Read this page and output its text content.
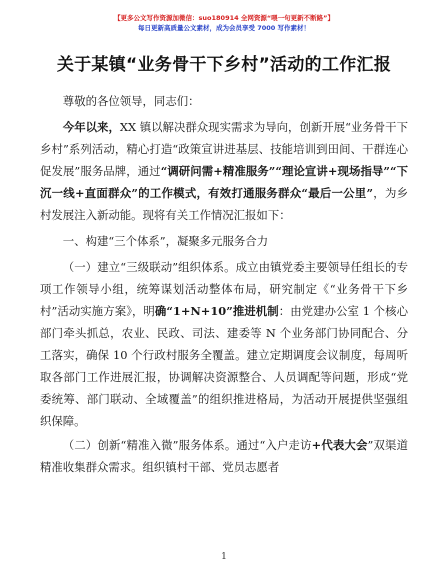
【更多公文写作资源加微信：suo180914 全网资源“喂一句更新不断路”】
每日更新高质量公文素材，成为会员享受 7000 写作素材！
关于某镇“业务骨干下乡村”活动的工作汇报

尊敬的各位领导，同志们：

今年以来，XX 镇以解决群众现实需求为导向，创新开展“业务骨干下乡村”系列活动，精心打造“政策宣讲进基层、技能培训到田间、干群连心促发展”服务品牌，通过“调研问需+精准服务”“理论宣讲+现场指导”“下沉一线+直面群众”的工作模式，有效打通服务群众“最后一公里”，为乡村发展注入新动能。现将有关工作情况汇报如下：

一、构建“三个体系”，凝聚多元服务合力

（一）建立“三级联动”组织体系。成立由镇党委主要领导任组长的专项工作领导小组，统筹谋划活动整体布局，研究制定《“业务骨干下乡村”活动实施方案》，明确“1+N+10”推进机制：由党建办公室 1 个核心部门牵头抓总，农业、民政、司法、建委等 N 个业务部门协同配合、分工落实，确保 10 个行政村服务全覆盖。建立定期调度会议制度，每周听取各部门工作进展汇报，协调解决资源整合、人员调配等问题，形成“党委统筹、部门联动、全域覆盖”的组织推进格局，为活动开展提供坚强组织保障。

（二）创新“精准入微”服务体系。通过“入户走访+代表大会”双渠道精准收集群众需求。组织镇村干部、党员志愿者

1
